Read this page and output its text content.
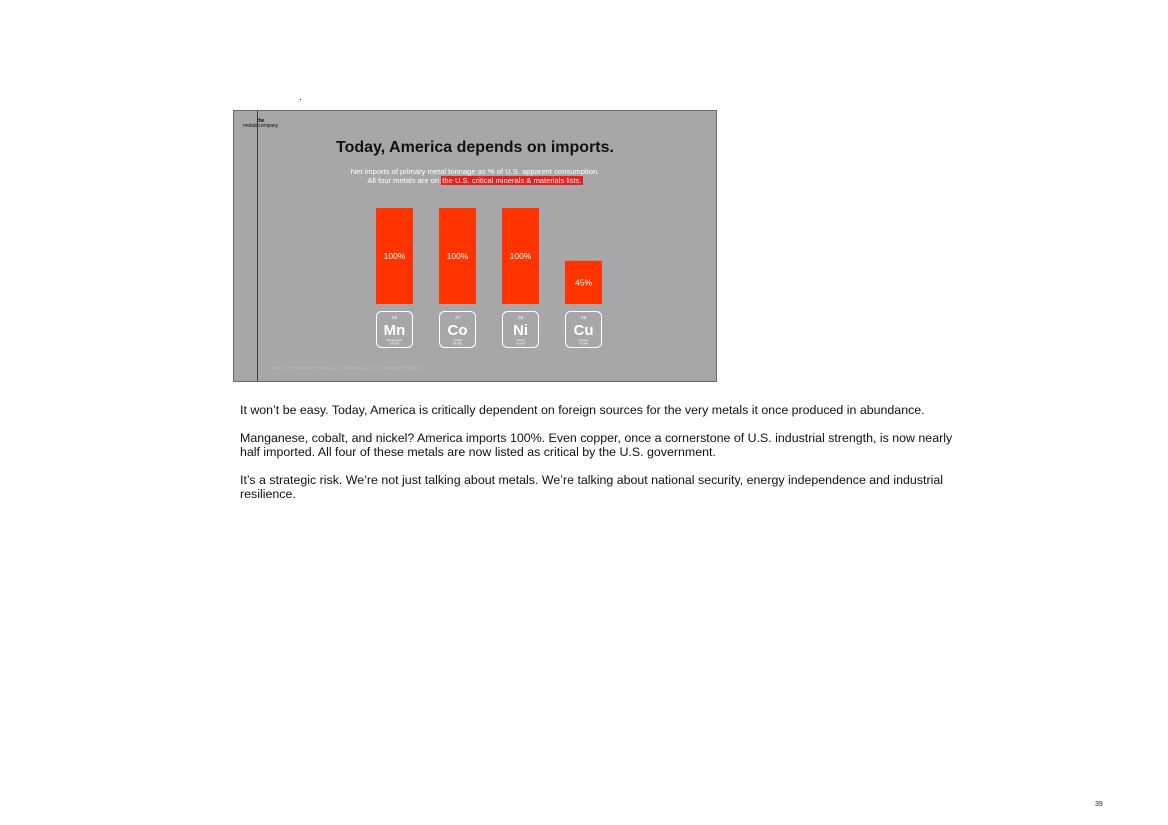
the
metals company
Today, America depends on imports.
Net imports of primary metal tonnage as % of U.S. apparent consumption.
All four metals are on the U.S. critical minerals & materials lists.
100%
25
Mn
Manganese
54.938
100%
27
Co
Cobalt
58.933
100%
28
Ni
Nickel
58.693
45%
29
Cu
Copper
63.546
Source: USGS Commodity Summaries 2025, Critical Minerals List, U.S. Department of Energy 2023

It won’t be easy. Today, America is critically dependent on foreign sources for the very metals it once produced in abundance.

Manganese, cobalt, and nickel? America imports 100%. Even copper, once a cornerstone of U.S. industrial strength, is now nearly half imported. All four of these metals are now listed as critical by the U.S. government.

It’s a strategic risk. We’re not just talking about metals. We’re talking about national security, energy independence and industrial resilience.

39
